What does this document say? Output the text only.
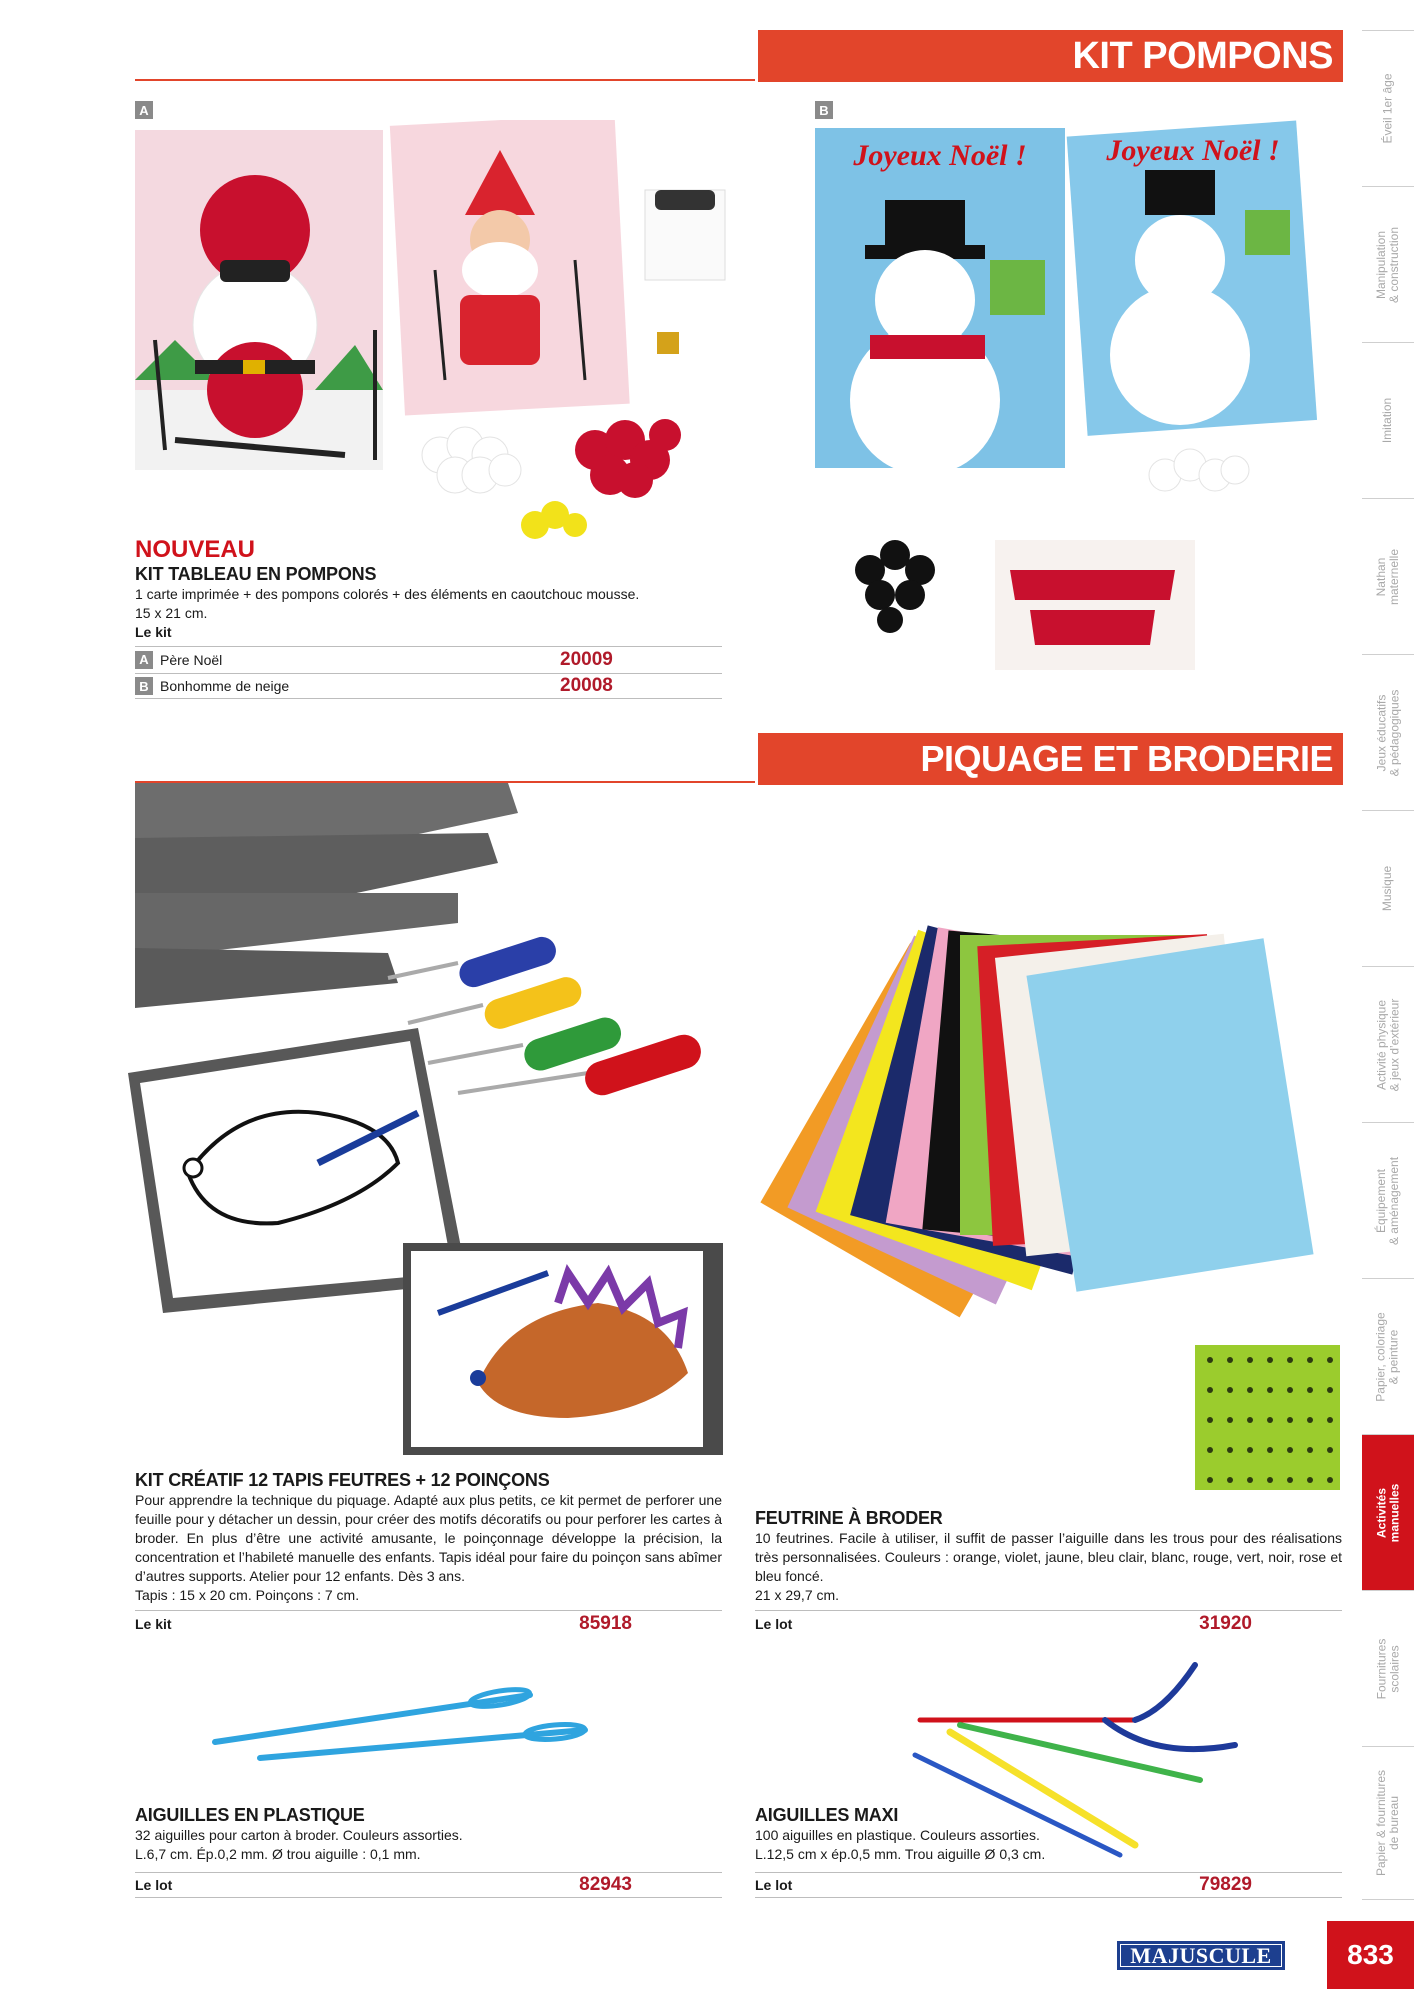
KIT POMPONS
A	B
Joyeux Noël !	Joyeux Noël !
NOUVEAU
KIT TABLEAU EN POMPONS
1 carte imprimée + des pompons colorés + des éléments en caoutchouc mousse.
15 x 21 cm.
Le kit
A Père Noël	20009
B Bonhomme de neige	20008
PIQUAGE ET BRODERIE
KIT CRÉATIF 12 TAPIS FEUTRES + 12 POINÇONS
Pour apprendre la technique du piquage. Adapté aux plus petits, ce kit permet de perforer une feuille pour y détacher un dessin, pour créer des motifs décoratifs ou pour perforer les cartes à broder. En plus d’être une activité amusante, le poinçonnage développe la précision, la concentration et l’habileté manuelle des enfants. Tapis idéal pour faire du poinçon sans abîmer d’autres supports. Atelier pour 12 enfants. Dès 3 ans.
Tapis : 15 x 20 cm. Poinçons : 7 cm.
Le kit	85918
FEUTRINE À BRODER
10 feutrines. Facile à utiliser, il suffit de passer l’aiguille dans les trous pour des réalisations très personnalisées. Couleurs : orange, violet, jaune, bleu clair, blanc, rouge, vert, noir, rose et bleu foncé.
21 x 29,7 cm.
Le lot	31920
AIGUILLES EN PLASTIQUE
32 aiguilles pour carton à broder. Couleurs assorties.
L.6,7 cm. Ép.0,2 mm. Ø trou aiguille : 0,1 mm.
Le lot	82943
AIGUILLES MAXI
100 aiguilles en plastique. Couleurs assorties.
L.12,5 cm x ép.0,5 mm. Trou aiguille Ø 0,3 cm.
Le lot	79829
Éveil 1er âge
Manipulation
& construction
Imitation
Nathan
maternelle
Jeux éducatifs
& pédagogiques
Musique
Activité physique
& jeux d’extérieur
Équipement
& aménagement
Papier, coloriage
& peinture
Activités
manuelles
Fournitures
scolaires
Papier & fournitures
de bureau
MAJUSCULE	833
